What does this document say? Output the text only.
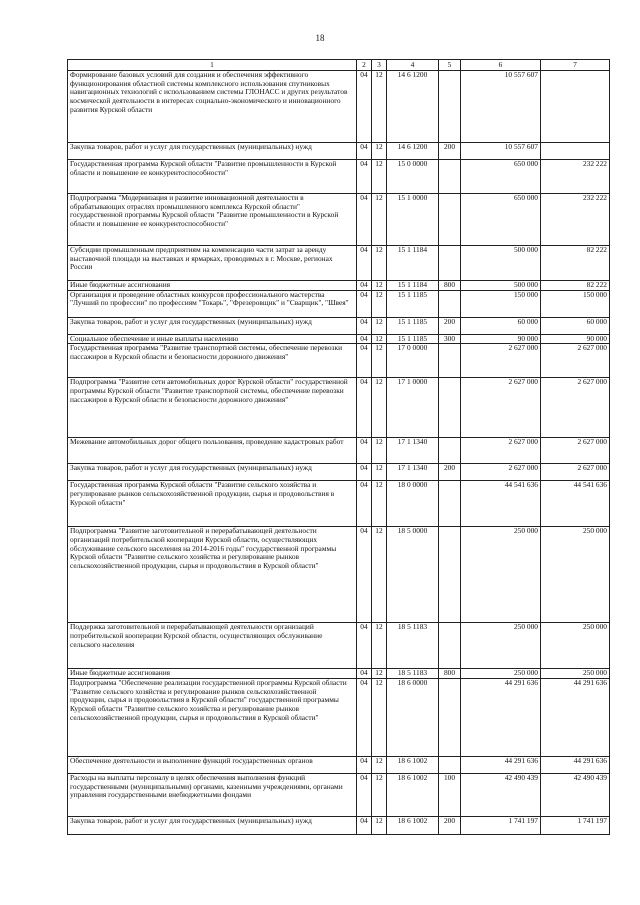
18
1	2	3	4	5	6	7
Формирование базовых условий для создания и обеспечения эффективного функционирования областной системы комплексного использования спутниковых навигационных технологий с использованием системы ГЛОНАСС и других результатов космической деятельности в интересах социально-экономического и инновационного развития Курской области	04	12	14 6 1200		10 557 607	
Закупка товаров, работ и услуг для государственных (муниципальных) нужд	04	12	14 6 1200	200	10 557 607	
Государственная программа Курской области "Развитие промышленности в Курской области и повышение ее конкурентоспособности"	04	12	15 0 0000		650 000	232 222
Подпрограмма "Модернизация и развитие инновационной деятельности в обрабатывающих отраслях промышленного комплекса Курской области" государственной программы Курской области "Развитие промышленности в Курской области и повышение ее конкурентоспособности"	04	12	15 1 0000		650 000	232 222
Субсидии промышленным предприятиям на компенсацию части затрат за аренду выставочной площади на выставках и ярмарках, проводимых в г. Москве, регионах России	04	12	15 1 1184		500 000	82 222
Иные бюджетные ассигнования	04	12	15 1 1184	800	500 000	82 222
Организация и проведение областных конкурсов профессионального мастерства "Лучший по профессии" по профессиям "Токарь", "Фрезеровщик" и "Сварщик", "Швея"	04	12	15 1 1185		150 000	150 000
Закупка товаров, работ и услуг для государственных (муниципальных) нужд	04	12	15 1 1185	200	60 000	60 000
Социальное обеспечение и иные выплаты населению	04	12	15 1 1185	300	90 000	90 000
Государственная программа "Развитие транспортной системы, обеспечение перевозки пассажиров в Курской области и безопасности дорожного движения"	04	12	17 0 0000		2 627 000	2 627 000
Подпрограмма "Развитие сети автомобильных дорог Курской области" государственной программы Курской области "Развитие транспортной системы, обеспечение перевозки пассажиров в Курской области и безопасности дорожного движения"	04	12	17 1 0000		2 627 000	2 627 000
Межевание автомобильных дорог общего пользования, проведение кадастровых работ	04	12	17 1 1340		2 627 000	2 627 000
Закупка товаров, работ и услуг для государственных (муниципальных) нужд	04	12	17 1 1340	200	2 627 000	2 627 000
Государственная программа Курской области "Развитие сельского хозяйства и регулирование рынков сельскохозяйственной продукции, сырья и продовольствия в Курской области"	04	12	18 0 0000		44 541 636	44 541 636
Подпрограмма "Развитие заготовительной и перерабатывающей деятельности организаций потребительской кооперации Курской области, осуществляющих обслуживание сельского населения на 2014-2016 годы" государственной программы Курской области "Развитие сельского хозяйства и регулирование рынков сельскохозяйственной продукции, сырья и продовольствия в Курской области"	04	12	18 5 0000		250 000	250 000
Поддержка заготовительной и перерабатывающей деятельности организаций потребительской кооперации Курской области, осуществляющих обслуживание сельского населения	04	12	18 5 1183		250 000	250 000
Иные бюджетные ассигнования	04	12	18 5 1183	800	250 000	250 000
Подпрограмма "Обеспечение реализации государственной программы Курской области "Развитие сельского хозяйства и регулирование рынков сельскохозяйственной продукции, сырья и продовольствия в Курской области" государственной программы Курской области "Развитие сельского хозяйства и регулирование рынков сельскохозяйственной продукции, сырья и продовольствия в Курской области"	04	12	18 6 0000		44 291 636	44 291 636
Обеспечение деятельности и выполнение функций государственных органов	04	12	18 6 1002		44 291 636	44 291 636
Расходы на выплаты персоналу в целях обеспечения выполнения функций государственными (муниципальными) органами, казенными учреждениями, органами управления государственными внебюджетными фондами	04	12	18 6 1002	100	42 490 439	42 490 439
Закупка товаров, работ и услуг для государственных (муниципальных) нужд	04	12	18 6 1002	200	1 741 197	1 741 197
